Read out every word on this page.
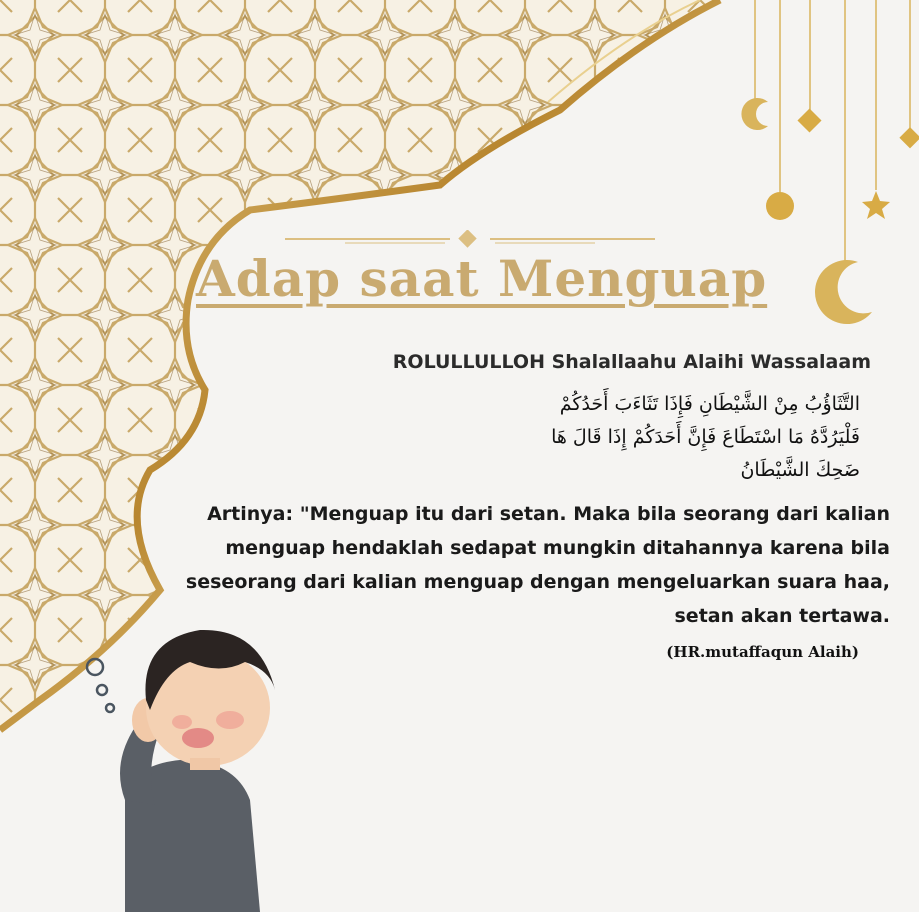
Adap saat Menguap
ROLULLULLOH Shalallaahu Alaihi Wassalaam
التَّثَاؤُبُ مِنْ الشَّيْطَانِ فَإِذَا تَثَاءَبَ أَحَدُكُمْ فَلْيَرُدَّهُ مَا اسْتَطَاعَ فَإِنَّ أَحَدَكُمْ إِذَا قَالَ هَا ضَحِكَ الشَّيْطَانُ
Artinya: "Menguap itu dari setan. Maka bila seorang dari kalian menguap hendaklah sedapat mungkin ditahannya karena bila seseorang dari kalian menguap dengan mengeluarkan suara haa, setan akan tertawa.
(HR.mutaffaqun Alaih)
